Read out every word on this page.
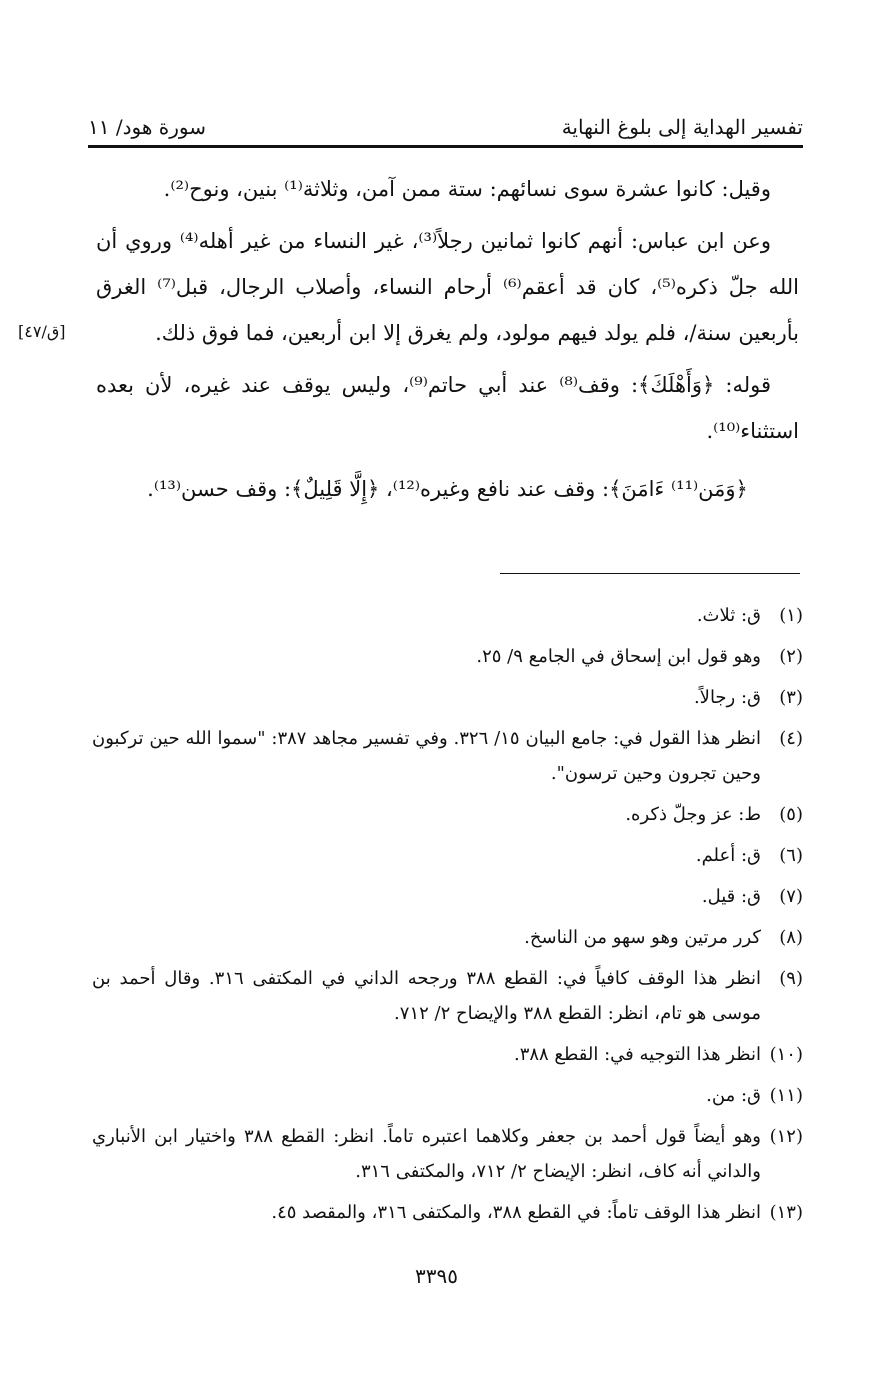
تفسير الهداية إلى بلوغ النهاية
سورة هود/ ١١
[ق/٤٧]

وقيل: كانوا عشرة سوى نسائهم: ستة ممن آمن، وثلاثة⁽¹⁾ بنين، ونوح⁽²⁾.

وعن ابن عباس: أنهم كانوا ثمانين رجلاً⁽³⁾، غير النساء من غير أهله⁽⁴⁾ وروي أن الله جلّ ذكره⁽⁵⁾، كان قد أعقم⁽⁶⁾ أرحام النساء، وأصلاب الرجال، قبل⁽⁷⁾ الغرق بأربعين سنة/، فلم يولد فيهم مولود، ولم يغرق إلا ابن أربعين، فما فوق ذلك.

قوله: ﴿وَأَهْلَكَ﴾: وقف⁽⁸⁾ عند أبي حاتم⁽⁹⁾، وليس يوقف عند غيره، لأن بعده استثناء⁽¹⁰⁾.

﴿وَمَن⁽¹¹⁾ ءَامَنَ﴾: وقف عند نافع وغيره⁽¹²⁾، ﴿إِلَّا قَلِيلٌ﴾: وقف حسن⁽¹³⁾.

(١)
ق: ثلاث.
(٢)
وهو قول ابن إسحاق في الجامع ٩/ ٢٥.
(٣)
ق: رجالاً.
(٤)
انظر هذا القول في: جامع البيان ١٥/ ٣٢٦. وفي تفسير مجاهد ٣٨٧: "سموا الله حين تركبون وحين تجرون وحين ترسون".
(٥)
ط: عز وجلّ ذكره.
(٦)
ق: أعلم.
(٧)
ق: قيل.
(٨)
كرر مرتين وهو سهو من الناسخ.
(٩)
انظر هذا الوقف كافياً في: القطع ٣٨٨ ورجحه الداني في المكتفى ٣١٦. وقال أحمد بن موسى هو تام، انظر: القطع ٣٨٨ والإيضاح ٢/ ٧١٢.
(١٠)
انظر هذا التوجيه في: القطع ٣٨٨.
(١١)
ق: من.
(١٢)
وهو أيضاً قول أحمد بن جعفر وكلاهما اعتبره تاماً. انظر: القطع ٣٨٨ واختيار ابن الأنباري والداني أنه كاف، انظر: الإيضاح ٢/ ٧١٢، والمكتفى ٣١٦.
(١٣)
انظر هذا الوقف تاماً: في القطع ٣٨٨، والمكتفى ٣١٦، والمقصد ٤٥.
٣٣٩٥
